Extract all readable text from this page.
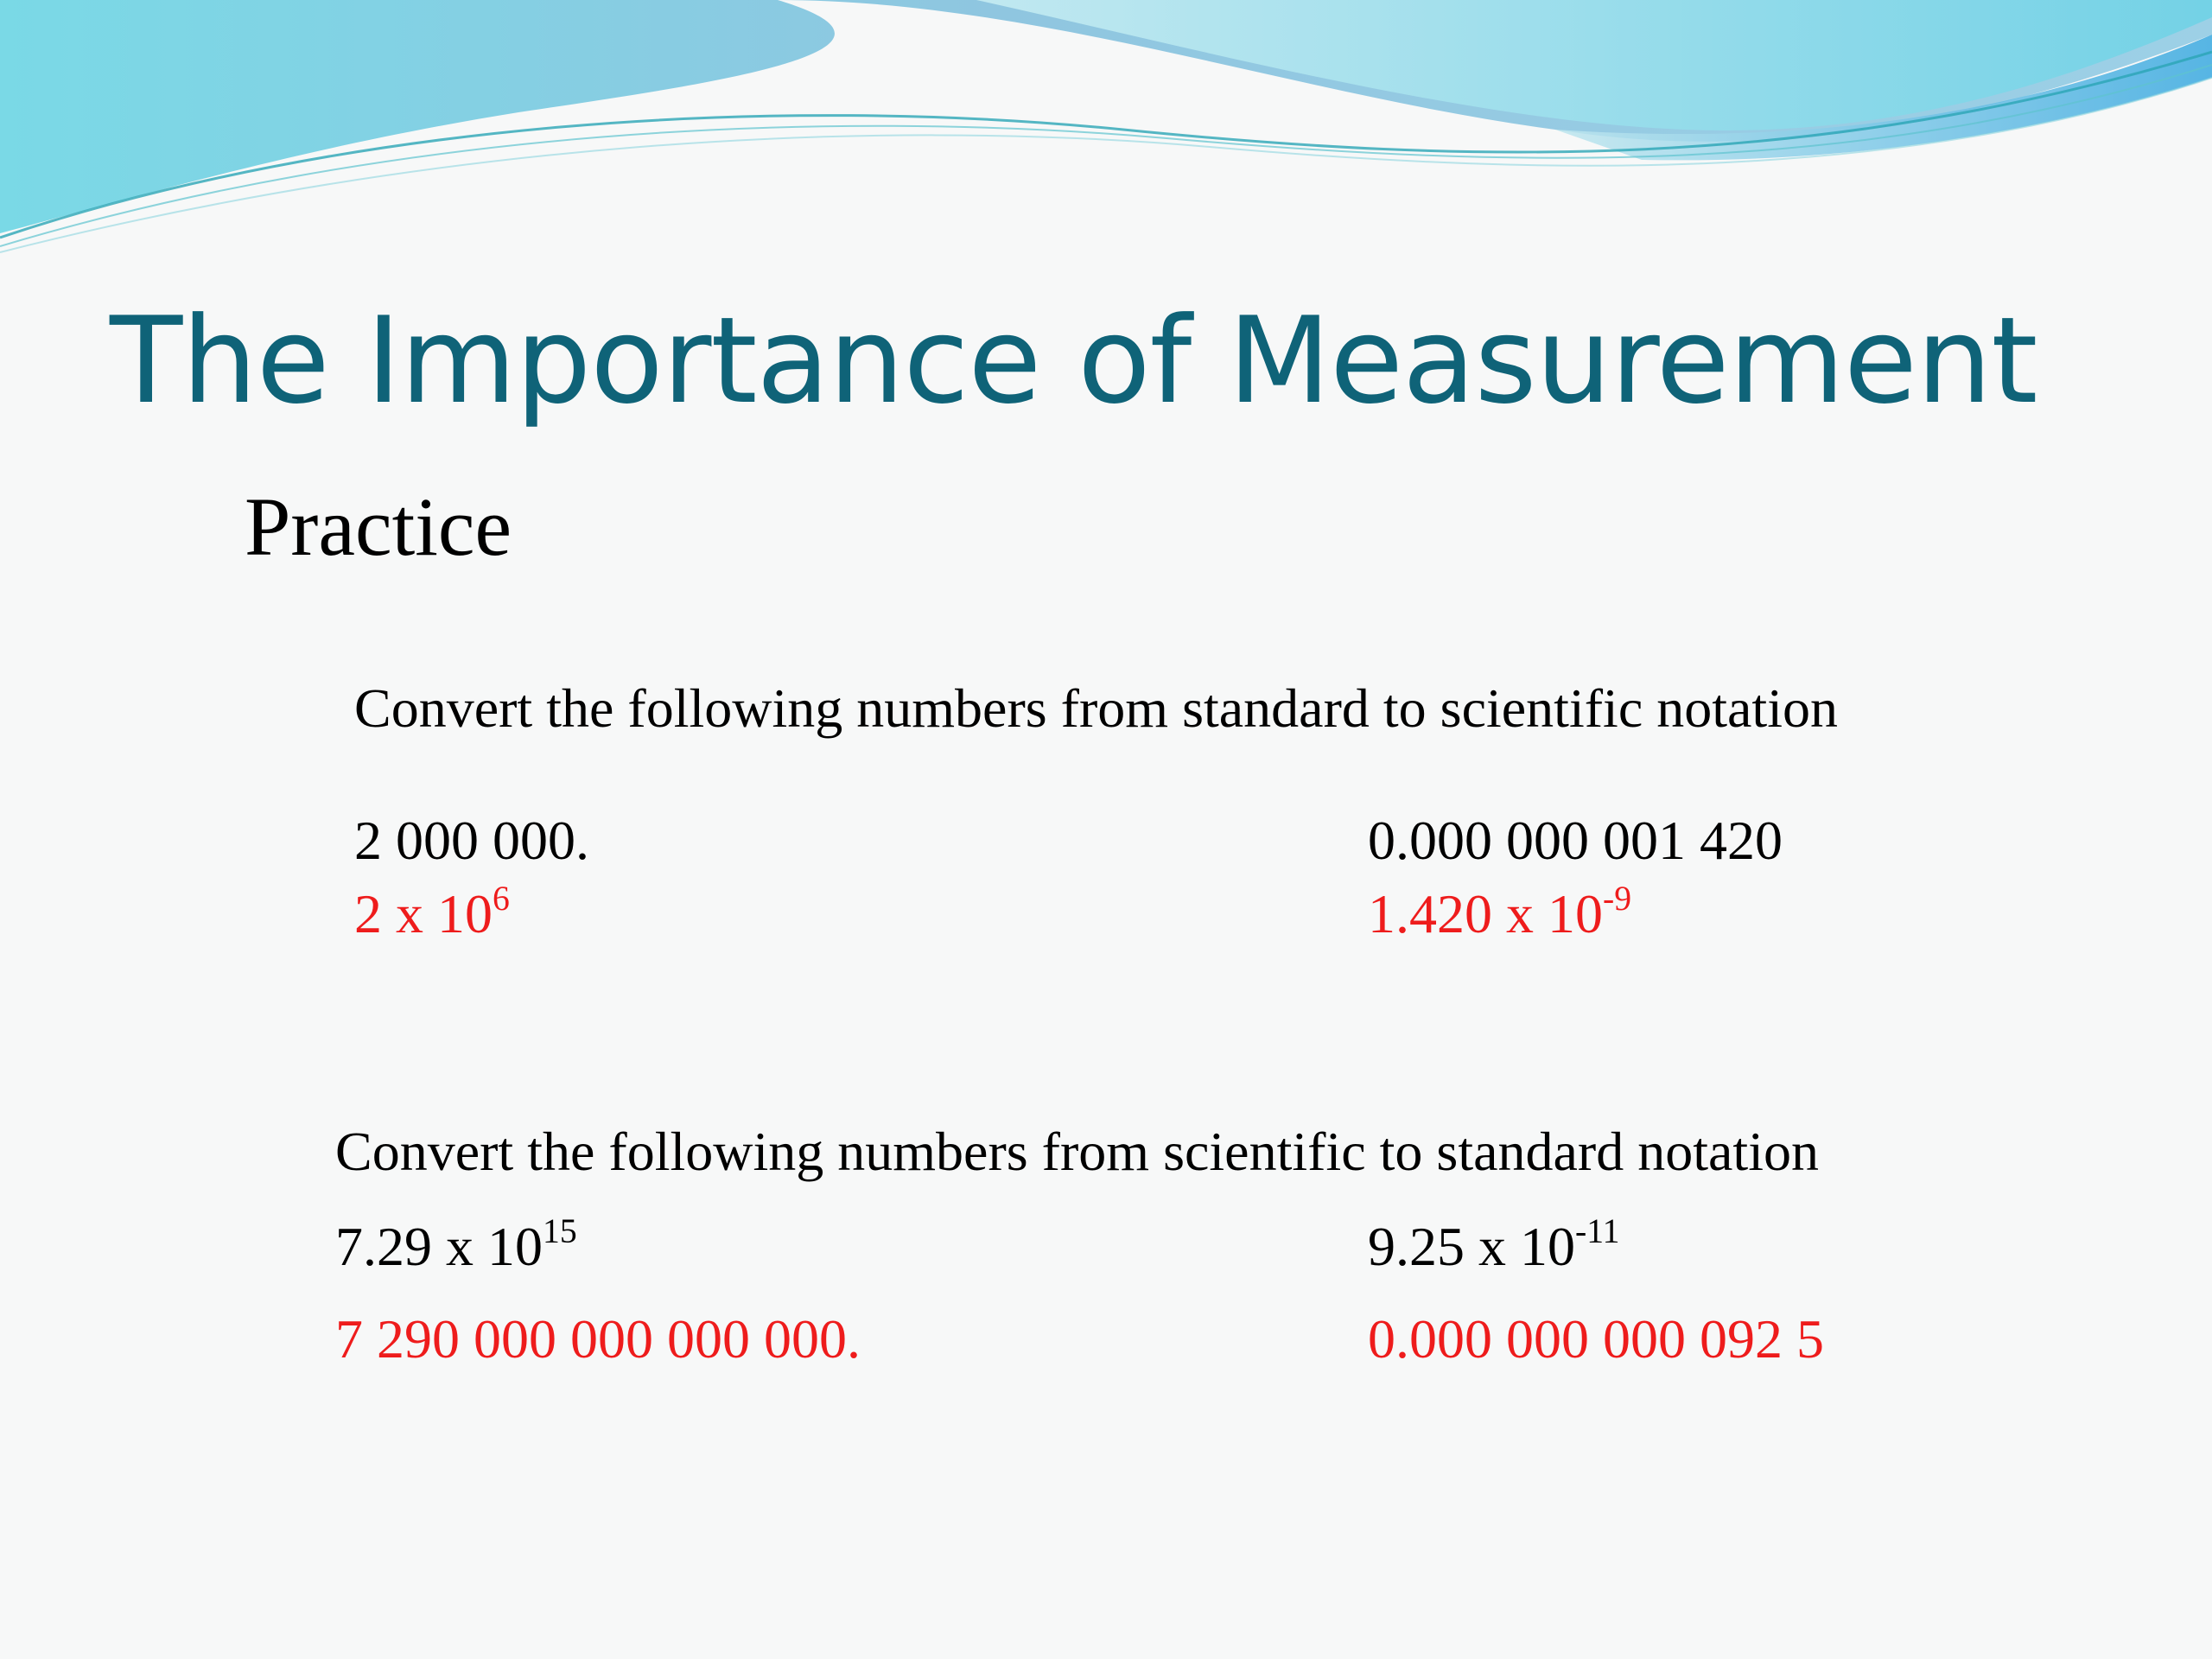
The Importance of Measurement
Practice
Convert the following numbers from standard to scientific notation
2 000 000.
2 x $10^6$
0.000 000 001 420
1.420 x $10^{-9}$
Convert the following numbers from scientific to standard notation
7.29 x $10^{15}$
7 290 000 000 000 000.
9.25 x $10^{-11}$
0.000 000 000 092 5
